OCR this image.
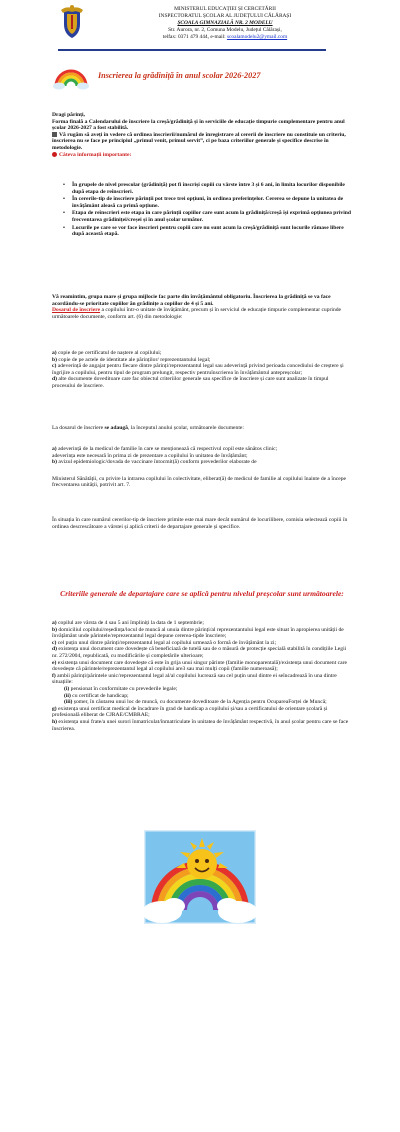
MINISTERUL EDUCAȚIEI ȘI CERCETĂRII
INSPECTORATUL ȘCOLAR AL JUDEȚULUI CĂLĂRAȘI
ȘCOALA GIMNAZIALĂ NR. 2 MODELU
Str. Aurora, nr. 2, Comuna Modelu, Județul Călărași,
telfax: 0371 479 444, e-mail: scoalamodelu2@ymail.com
Inscrierea la grădiniță în anul scolar 2026-2027
Dragi părinți,
Forma finală a Calendarului de înscriere la creșă/grădiniță și în serviciile de educație timpurie complementare pentru anul școlar 2026-2027 a fost stabilită.
Vă rugăm să aveți în vedere că ordinea înscrierii/numărul de înregistrare al cererii de înscriere nu constituie un criteriu, înscrierea nu se face pe principiul „primul venit, primul servit”, ci pe baza criteriilor generale și specifice descrise în metodologie.
Câteva informații importante:
• În grupele de nivel prescolar (grădiniță) pot fi înscriși copiii cu vârste între 3 și 6 ani, în limita locurilor disponibile după etapa de reînscrieri.
• În cererile-tip de înscriere părinții pot trece trei opțiuni, în ordinea preferințelor. Cererea se depune la unitatea de învățământ aleasă ca primă opțiune.
• Etapa de reînscrieri este etapa în care părinții copiilor care sunt acum la grădiniță/creșă își exprimă opțiunea privind frecventarea grădiniței/creșei și în anul școlar următor.
• Locurile pe care se vor face înscrieri pentru copiii care nu sunt acum la creșă/grădiniță sunt locurile rămase libere după această etapă.
Vă reamintim, grupa mare și grupa mijlocie fac parte din învățământul obligatoriu. Înscrierea la grădiniță se va face acordându-se prioritate copiilor ăn grădinițe a copiilor de 4 și 5 ani.
Dosarul de înscriere a copilului într-o unitate de învățământ, precum și în serviciul de educație timpurie complementar cuprinde următoarele documente, conform art. (6) din metodologie:
a) copie de pe certificatul de naștere al copilului;
b) copie de pe actele de identitate ale părinților/ reprezentantului legal;
c) adeverință de angajat pentru fiecare dintre părinți/reprezentantul legal sau adeverință privind perioada concediului de creștere și îngrijire a copilului, pentru tipul de program prelungit, respectiv pentruînscrierea în învățământul antepreșcolar;
d) alte documente doveditoare care fac obiectul criteriilor generale sau specifice de înscriere și care sunt analizate în timpul procesului de înscriere.
La dosarul de înscriere se adaugă, la începutul anului școlar, următoarele documente:
a) adeverință de la medicul de familie în care se menționează că respectivul copil este sănătos clinic;
adeverința este necesară în prima zi de prezentare a copilului în unitatea de învățământ;
b) avizul epidemiologic/dovada de vaccinare întocmit(ă) conform prevederilor elaborate de
Ministerul Sănătății, cu privire la intrarea copilului în colectivitate, eliberat(ă) de medicul de familie al copilului înainte de a începe frecventarea unității, potrivit art. 7.
În situația în care numărul cererilor-tip de înscriere primite este mai mare decât numărul de locurilibere, comisia selectează copiii în ordinea descrescătoare a vârstei și aplică criterii de departajare generale și specifice.
Criteriile generale de departajare care se aplică pentru nivelul preșcolar sunt următoarele:
a) copilul are vârsta de 4 sau 5 ani împliniți la data de 1 septembrie;
b) domiciliul copilului/reședința/locul de muncă al unuia dintre părinți/al reprezentantului legal este situat în apropierea unității de învățământ unde părintele/reprezentantul legal depune cererea-tipde înscriere;
c) cel puțin unul dintre părinți/reprezentantul legal al copilului urmează o formă de învățământ la zi;
d) existența unui document care dovedește că beneficiază de tutelă sau de o măsură de protecție specială stabilită în condițiile Legii nr. 272/2004, republicată, cu modificările și completările ulterioare;
e) existența unui document care dovedește că este în grija unui singur părinte (familie monoparentală)/existența unui document care dovedește că părintele/reprezentantul legal al copilului are3 sau mai mulți copii (familie numeroasă);
f) ambii părinți/părintele unic/reprezentantul legal al/al copilului lucrează sau cel puțin unul dintre ei seîncadrează în una dintre situațiile:
(i) pensionat în conformitate cu prevederile legale;
(ii) cu certificat de handicap;
(iii) șomer, în căutarea unui loc de muncă, cu documente doveditoare de la Agenția pentru OcupareaForței de Muncă;
g) existența unui certificat medical de încadrare în grad de handicap a copilului și/sau a certificatului de orientare școlară și profesională eliberat de CJRAE/CMBRAE;
h) existența unui frate/a unei surori înmatriculat/înmatriculate în unitatea de învățământ respectivă, în anul școlar pentru care se face înscrierea.
